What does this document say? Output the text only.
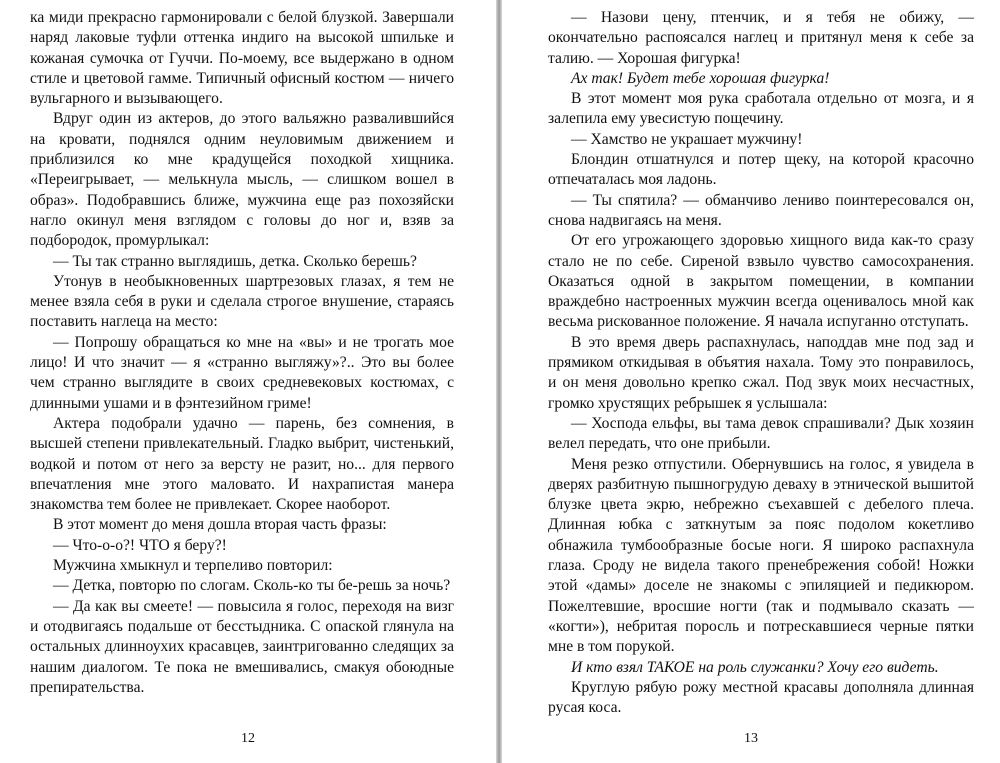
ка миди прекрасно гармонировали с белой блузкой. Завершали наряд лаковые туфли оттенка индиго на высокой шпильке и кожаная сумочка от Гуччи. По-моему, все выдержано в одном стиле и цветовой гамме. Типичный офисный костюм — ничего вульгарного и вызывающего.

Вдруг один из актеров, до этого вальяжно развалившийся на кровати, поднялся одним неуловимым движением и приблизился ко мне крадущейся походкой хищника. «Переигрывает, — мелькнула мысль, — слишком вошел в образ». Подобравшись ближе, мужчина еще раз похозяйски нагло окинул меня взглядом с головы до ног и, взяв за подбородок, промурлыкал:

— Ты так странно выглядишь, детка. Сколько берешь?

Утонув в необыкновенных шартрезовых глазах, я тем не менее взяла себя в руки и сделала строгое внушение, стараясь поставить наглеца на место:

— Попрошу обращаться ко мне на «вы» и не трогать мое лицо! И что значит — я «странно выгляжу»?.. Это вы более чем странно выглядите в своих средневековых костюмах, с длинными ушами и в фэнтезийном гриме!

Актера подобрали удачно — парень, без сомнения, в высшей степени привлекательный. Гладко выбрит, чистенький, водкой и потом от него за версту не разит, но... для первого впечатления мне этого маловато. И нахрапистая манера знакомства тем более не привлекает. Скорее наоборот.

В этот момент до меня дошла вторая часть фразы:

— Что-о-о?! ЧТО я беру?!

Мужчина хмыкнул и терпеливо повторил:

— Детка, повторю по слогам. Сколь-ко ты бе-решь за ночь?

— Да как вы смеете! — повысила я голос, переходя на визг и отодвигаясь подальше от бесстыдника. С опаской глянула на остальных длинноухих красавцев, заинтригованно следящих за нашим диалогом. Те пока не вмешивались, смакуя обоюдные препирательства.

12

— Назови цену, птенчик, и я тебя не обижу, — окончательно распоясался наглец и притянул меня к себе за талию. — Хорошая фигурка!

Ах так! Будет тебе хорошая фигурка!

В этот момент моя рука сработала отдельно от мозга, и я залепила ему увесистую пощечину.

— Хамство не украшает мужчину!

Блондин отшатнулся и потер щеку, на которой красочно отпечаталась моя ладонь.

— Ты спятила? — обманчиво лениво поинтересовался он, снова надвигаясь на меня.

От его угрожающего здоровью хищного вида как-то сразу стало не по себе. Сиреной взвыло чувство самосохранения. Оказаться одной в закрытом помещении, в компании враждебно настроенных мужчин всегда оценивалось мной как весьма рискованное положение. Я начала испуганно отступать.

В это время дверь распахнулась, наподдав мне под зад и прямиком откидывая в объятия нахала. Тому это понравилось, и он меня довольно крепко сжал. Под звук моих несчастных, громко хрустящих ребрышек я услышала:

— Хосподa ельфы, вы тама девок спрашивали? Дык хозяин велел передать, что оне прибыли.

Меня резко отпустили. Обернувшись на голос, я увидела в дверях разбитную пышногрудую деваху в этнической вышитой блузке цвета экрю, небрежно съехавшей с дебелого плеча. Длинная юбка с заткнутым за пояс подолом кокетливо обнажила тумбообразные босые ноги. Я широко распахнула глаза. Сроду не видела такого пренебрежения собой! Ножки этой «дамы» доселе не знакомы с эпиляцией и педикюром. Пожелтевшие, вросшие ногти (так и подмывало сказать — «когти»), небритая поросль и потрескавшиеся черные пятки мне в том порукой.

И кто взял ТАКОЕ на роль служанки? Хочу его видеть.

Круглую рябую рожу местной красавы дополняла длинная русая коса.

13
